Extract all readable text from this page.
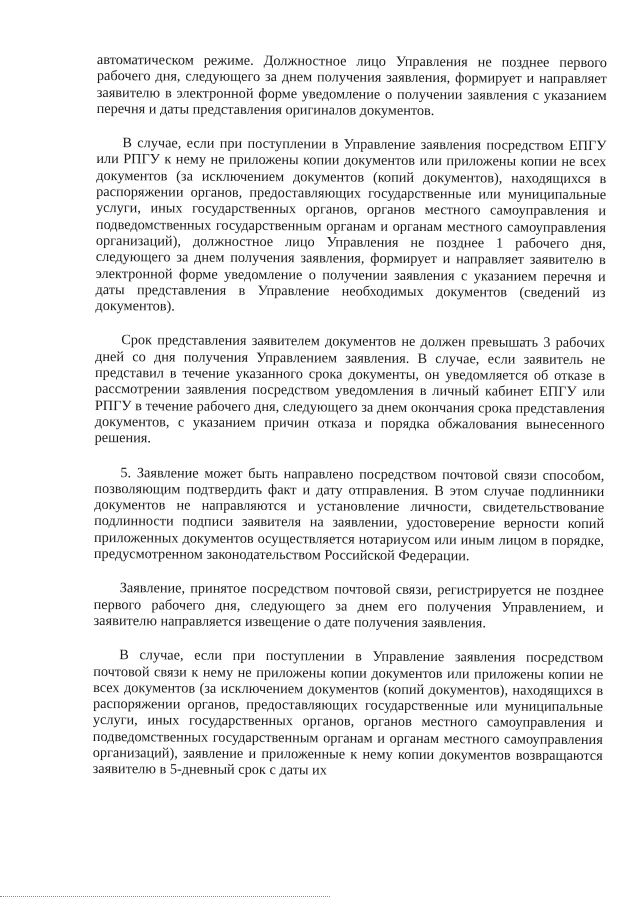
автоматическом режиме. Должностное лицо Управления не позднее первого рабочего дня, следующего за днем получения заявления, формирует и направляет заявителю в электронной форме уведомление о получении заявления с указанием перечня и даты представления оригиналов документов.

В случае, если при поступлении в Управление заявления посредством ЕПГУ или РПГУ к нему не приложены копии документов или приложены копии не всех документов (за исключением документов (копий документов), находящихся в распоряжении органов, предоставляющих государственные или муниципальные услуги, иных государственных органов, органов местного самоуправления и подведомственных государственным органам и органам местного самоуправления организаций), должностное лицо Управления не позднее 1 рабочего дня, следующего за днем получения заявления, формирует и направляет заявителю в электронной форме уведомление о получении заявления с указанием перечня и даты представления в Управление необходимых документов (сведений из документов).

Срок представления заявителем документов не должен превышать 3 рабочих дней со дня получения Управлением заявления. В случае, если заявитель не представил в течение указанного срока документы, он уведомляется об отказе в рассмотрении заявления посредством уведомления в личный кабинет ЕПГУ или РПГУ в течение рабочего дня, следующего за днем окончания срока представления документов, с указанием причин отказа и порядка обжалования вынесенного решения.

5. Заявление может быть направлено посредством почтовой связи способом, позволяющим подтвердить факт и дату отправления. В этом случае подлинники документов не направляются и установление личности, свидетельствование подлинности подписи заявителя на заявлении, удостоверение верности копий приложенных документов осуществляется нотариусом или иным лицом в порядке, предусмотренном законодательством Российской Федерации.

Заявление, принятое посредством почтовой связи, регистрируется не позднее первого рабочего дня, следующего за днем его получения Управлением, и заявителю направляется извещение о дате получения заявления.

В случае, если при поступлении в Управление заявления посредством почтовой связи к нему не приложены копии документов или приложены копии не всех документов (за исключением документов (копий документов), находящихся в распоряжении органов, предоставляющих государственные или муниципальные услуги, иных государственных органов, органов местного самоуправления и подведомственных государственным органам и органам местного самоуправления организаций), заявление и приложенные к нему копии документов возвращаются заявителю в 5-дневный срок с даты их
